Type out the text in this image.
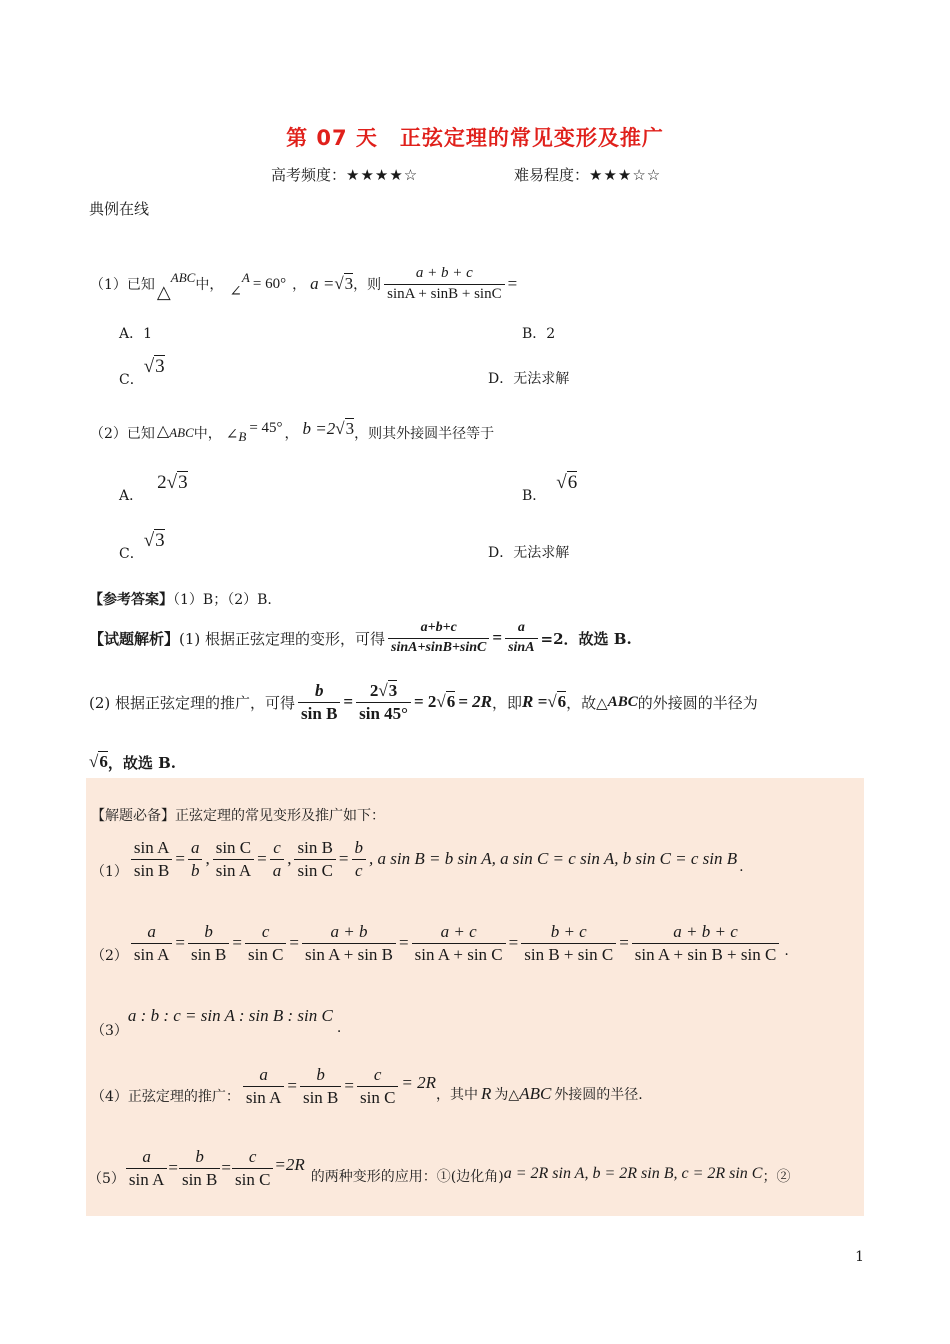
第 07 天　正弦定理的常见变形及推广
高考频度：★★★★☆	难易程度：★★★☆☆
典例在线
（1） 已知 △
ABC 中， ∠
A = 60° ， a = √3 ，则 $\frac{a + b + c}{\sin A + \sin B + \sin C}$ =
A．1	B．2
C．
√3
D．无法求解
（2） 已知 △ ABC 中， ∠ B
= 45° ， b =2 √3 ，则其外接圆半径等于
A．
2 √3
B．
√6
C．
√3
D．无法求解
【参考答案】（1）B；（2）B.
【试题解析】 (1) 根据正弦定理的变形，可得 $\frac{a+b+c}{\sin A+\sin B+\sin C} = \frac{a}{\sin A} =2$．故选 B.
(2) 根据正弦定理的推广，可得 $\frac{b}{\text{sin B}} = \frac{2√3}{\sin 45^\circ} = 2$ √6 = 2R ，即 R = √6 ，故△ ABC 的外接圆的半径为
√6 ，故选 B.
【解题必备】正弦定理的常见变形及推广如下：
$(1) \frac{\text{sin A}}{\text{sin B}} = \frac{a}{b}$ , $\frac{\text{sin C}}{\text{sin A}} = \frac{c}{a}$ , $\frac{\text{sin B}}{\text{sin C}} = \frac{b}{c}$ , a sin B = b sin A, a sin C = c sin A, b sin C = c sin B .
$(2) \frac{a}{\text{sin A}} = \frac{b}{\text{sin B}} = \frac{c}{\text{sin C}} = \frac{a + b}{\text{sin A + sin B}} = \frac{a + c}{\text{sin A + sin C}} = \frac{b + c}{\text{sin B + sin C}} = \frac{a + b + c}{\text{sin A + sin B + sin C}}$ .
（3）
a : b : c = sin A : sin B : sin C
.
（4） 正弦定理的推广： $\frac{a}{\text{sin A}} = \frac{b}{\text{sin B}} = \frac{c}{\text{sin C}} = 2R$
，其中 R 为△ ABC 外接圆的半径.
$(5) \frac{a}{\text{sin A}} = \frac{b}{\text{sin B}} = \frac{c}{\text{sin C}} =2R$
的两种变形的应用：①(边化角) a = 2R sin A, b = 2R sin B, c = 2R sin C ；②
1
